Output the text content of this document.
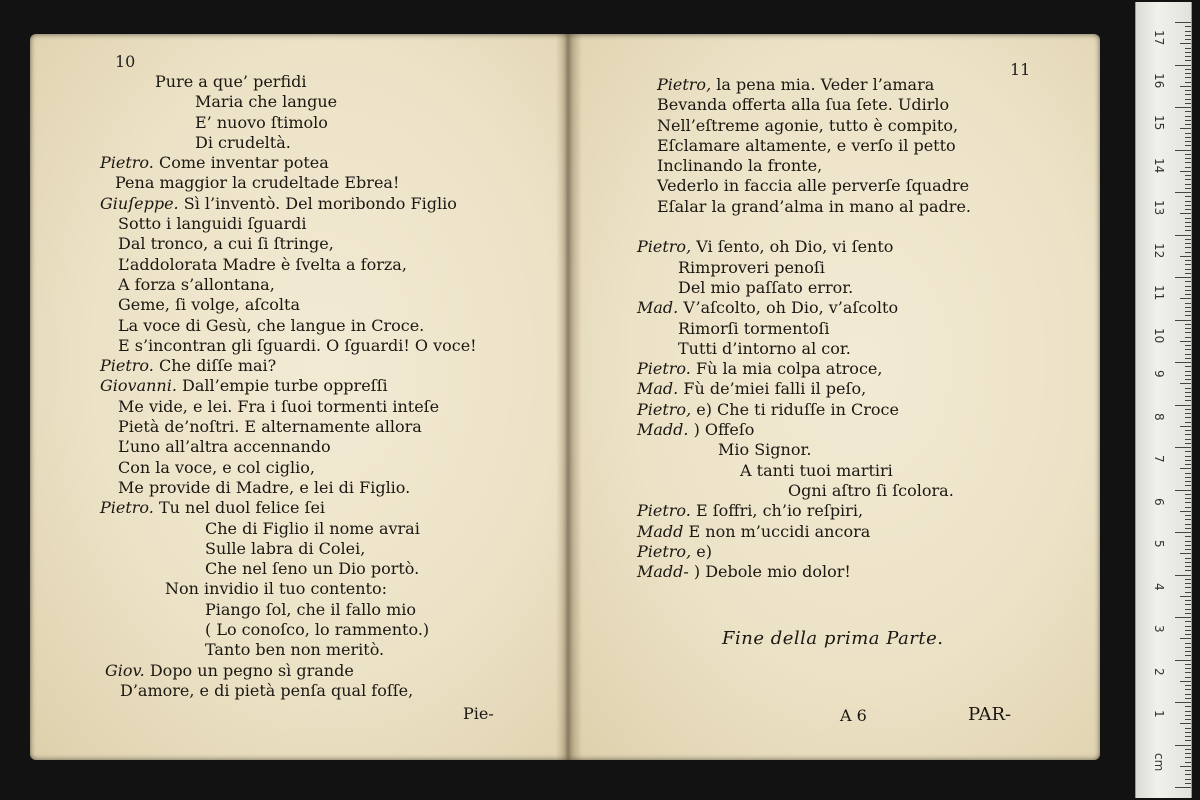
10
Pure a que’ perfidi
Maria che langue
E’ nuovo ſtimolo
Di crudeltà.
Pietro. Come inventar potea
Pena maggior la crudeltade Ebrea!
Giuſeppe. Sì l’inventò. Del moribondo Figlio
Sotto i languidi ſguardi
Dal tronco, a cui ſi ſtringe,
L’addolorata Madre è ſvelta a forza,
A forza s’allontana,
Geme, ſi volge, aſcolta
La voce di Gesù, che langue in Croce.
E s’incontran gli ſguardi. O ſguardi! O voce!
Pietro. Che diſſe mai?
Giovanni. Dall’empie turbe oppreſſi
Me vide, e lei. Fra i ſuoi tormenti inteſe
Pietà de’noſtri. E alternamente allora
L’uno all’altra accennando
Con la voce, e col ciglio,
Me provide di Madre, e lei di Figlio.
Pietro. Tu nel duol felice ſei
Che di Figlio il nome avrai
Sulle labra di Colei,
Che nel ſeno un Dio portò.
Non invidio il tuo contento:
Piango ſol, che il fallo mio
( Lo conoſco, lo rammento.)
Tanto ben non meritò.
Giov. Dopo un pegno sì grande
D’amore, e di pietà penſa qual foſſe,
Pie-
11
Pietro, la pena mia. Veder l’amara
Bevanda offerta alla ſua ſete. Udirlo
Nell’eſtreme agonie, tutto è compito,
Eſclamare altamente, e verſo il petto
Inclinando la fronte,
Vederlo in faccia alle perverſe ſquadre
Eſalar la grand’alma in mano al padre.
Pietro, Vi ſento, oh Dio, vi ſento
Rimproveri penoſi
Del mio paſſato error.
Mad. V’aſcolto, oh Dio, v’aſcolto
Rimorſi tormentoſi
Tutti d’intorno al cor.
Pietro. Fù la mia colpa atroce,
Mad. Fù de’miei falli il peſo,
Pietro, e) Che ti riduſſe in Croce
Madd. ) Offeſo
Mio Signor.
A tanti tuoi martiri
Ogni aſtro ſi ſcolora.
Pietro. E ſoffri, ch’io reſpiri,
Madd E non m’uccidi ancora
Pietro, e)
Madd- ) Debole mio dolor!
Fine della prima Parte.
A 6	PAR-
17
16
15
14
13
12
11
10
9
8
7
6
5
4
3
2
1
cm
